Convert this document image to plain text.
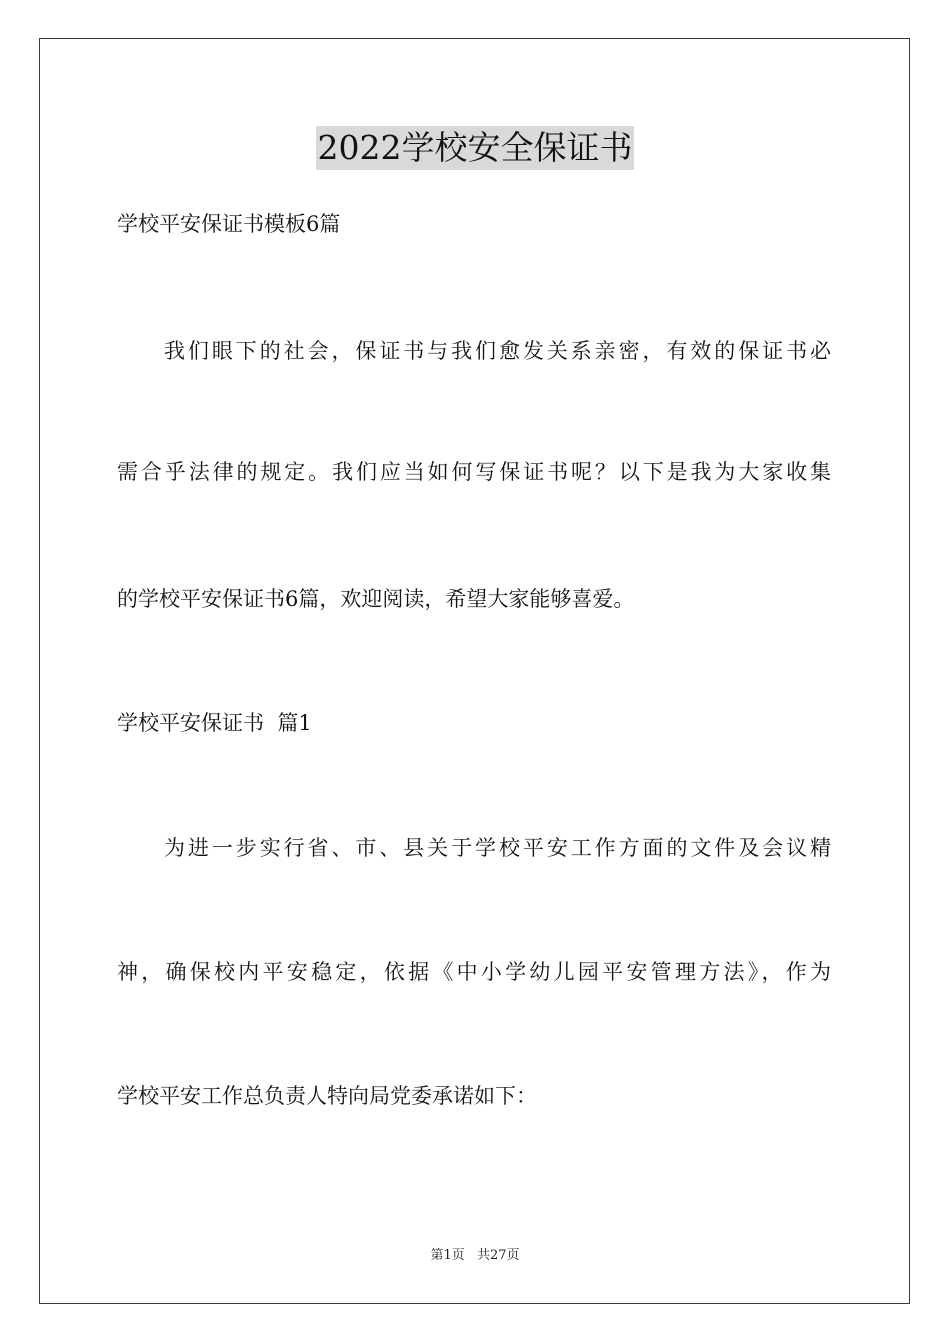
2022学校安全保证书
学校平安保证书模板6篇
我们眼下的社会，保证书与我们愈发关系亲密，有效的保证书必
需合乎法律的规定。我们应当如何写保证书呢？以下是我为大家收集
的学校平安保证书6篇，欢迎阅读，希望大家能够喜爱。
学校平安保证书  篇1
为进一步实行省、市、县关于学校平安工作方面的文件及会议精
神，确保校内平安稳定，依据《中小学幼儿园平安管理方法》，作为
学校平安工作总负责人特向局党委承诺如下：
第1页 共27页
